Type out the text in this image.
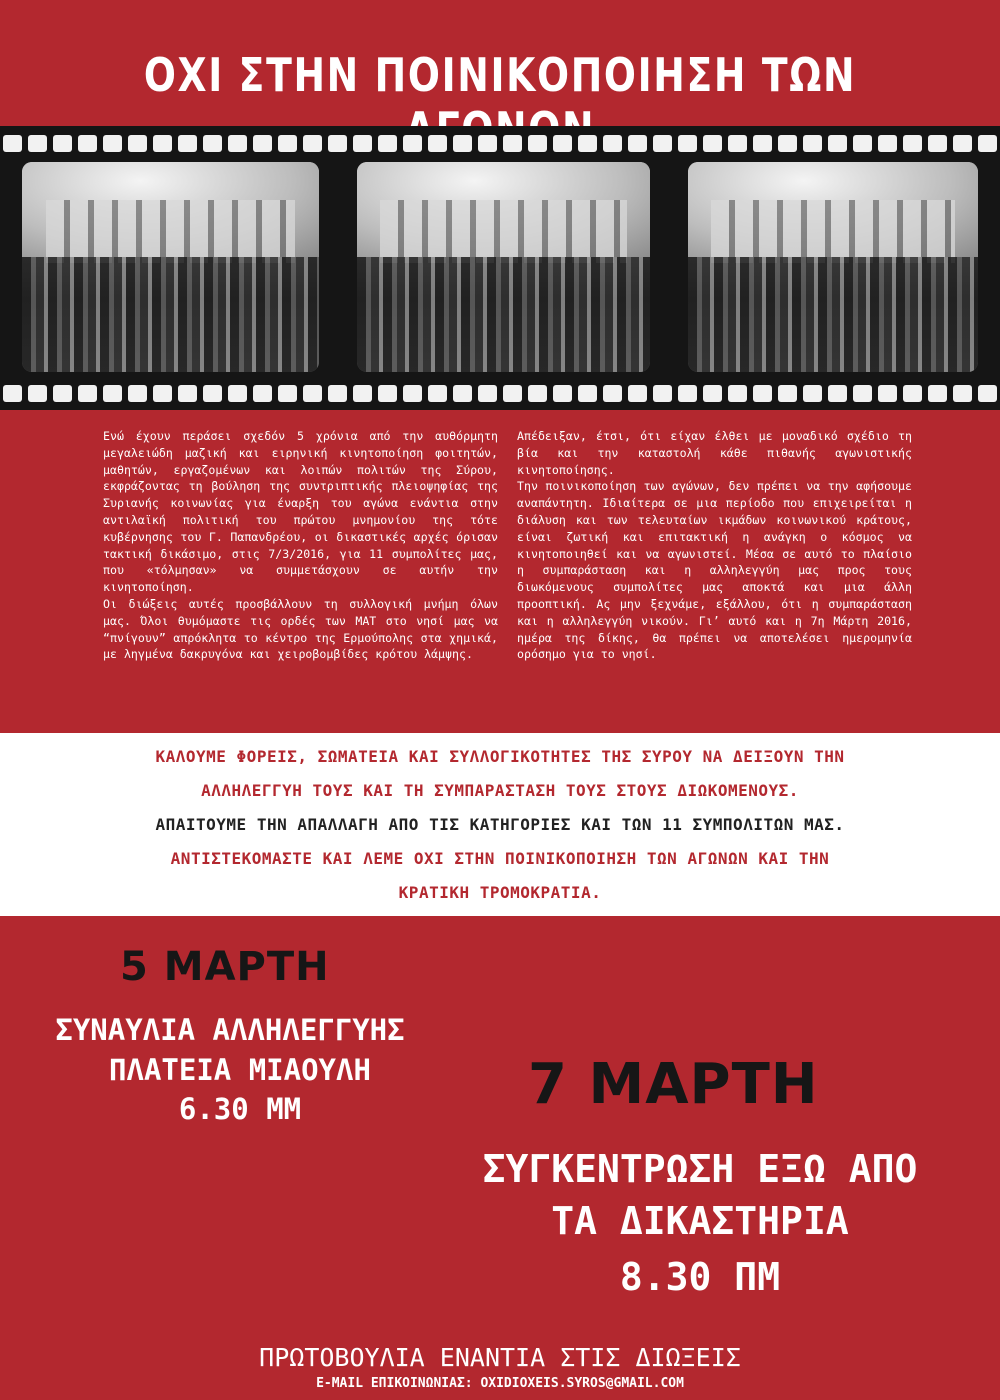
ΟΧΙ ΣΤΗΝ ΠΟΙΝΙΚΟΠΟΙΗΣΗ ΤΩΝ

Ενώ έχουν περάσει σχεδόν 5 χρόνια από την αυθόρμητη μεγαλειώδη μαζική και ειρηνική κινητοποίηση φοιτητών, μαθητών, εργαζομένων και λοιπών πολιτών της Σύρου, εκφράζοντας τη βούληση της συντριπτικής πλειοψηφίας της Συριανής κοινωνίας για έναρξη του αγώνα ενάντια στην αντιλαϊκή πολιτική του πρώτου μνημονίου της τότε κυβέρνησης του Γ. Παπανδρέου, οι δικαστικές αρχές όρισαν τακτική δικάσιμο, στις 7/3/2016, για 11 συμπολίτες μας, που «τόλμησαν» να συμμετάσχουν σε αυτήν την κινητοποίηση.

Οι διώξεις αυτές προσβάλλουν τη συλλογική μνήμη όλων μας. Όλοι θυμόμαστε τις ορδές των ΜΑΤ στο νησί μας να “πνίγουν” απρόκλητα το κέντρο της Ερμούπολης στα χημικά, με ληγμένα δακρυγόνα και χειροβομβίδες κρότου λάμψης.

Απέδειξαν, έτσι, ότι είχαν έλθει με μοναδικό σχέδιο τη βία και την καταστολή κάθε πιθανής αγωνιστικής κινητοποίησης.

Την ποινικοποίηση των αγώνων, δεν πρέπει να την αφήσουμε αναπάντητη. Ιδιαίτερα σε μια περίοδο που επιχειρείται η διάλυση και των τελευταίων ικμάδων κοινωνικού κράτους, είναι ζωτική και επιτακτική η ανάγκη ο κόσμος να κινητοποιηθεί και να αγωνιστεί. Μέσα σε αυτό το πλαίσιο η συμπαράσταση και η αλληλεγγύη μας προς τους διωκόμενους συμπολίτες μας αποκτά και μια άλλη προοπτική. Ας μην ξεχνάμε, εξάλλου, ότι η συμπαράσταση και η αλληλεγγύη νικούν. Γι’ αυτό και η 7η Μάρτη 2016, ημέρα της δίκης, θα πρέπει να αποτελέσει ημερομηνία ορόσημο για το νησί.

ΚΑΛΟΥΜΕ ΦΟΡΕΙΣ, ΣΩΜΑΤΕΙΑ ΚΑΙ ΣΥΛΛΟΓΙΚΟΤΗΤΕΣ ΤΗΣ ΣΥΡΟΥ ΝΑ ΔΕΙΞΟΥΝ ΤΗΝ
ΑΛΛΗΛΕΓΓΥΗ ΤΟΥΣ ΚΑΙ ΤΗ ΣΥΜΠΑΡΑΣΤΑΣΗ ΤΟΥΣ ΣΤΟΥΣ ΔΙΩΚΟΜΕΝΟΥΣ.
ΑΠΑΙΤΟΥΜΕ ΤΗΝ ΑΠΑΛΛΑΓΗ ΑΠΟ ΤΙΣ ΚΑΤΗΓΟΡΙΕΣ ΚΑΙ ΤΩΝ 11 ΣΥΜΠΟΛΙΤΩΝ ΜΑΣ.
ΑΝΤΙΣΤΕΚΟΜΑΣΤΕ ΚΑΙ ΛΕΜΕ ΟΧΙ ΣΤΗΝ ΠΟΙΝΙΚΟΠΟΙΗΣΗ ΤΩΝ ΑΓΩΝΩΝ ΚΑΙ ΤΗΝ
ΚΡΑΤΙΚΗ ΤΡΟΜΟΚΡΑΤΙΑ.
5 ΜΑΡΤΗ
ΣΥΝΑΥΛΙΑ ΑΛΛΗΛΕΓΓΥΗΣ
ΠΛΑΤΕΙΑ ΜΙΑΟΥΛΗ
6.30 ΜΜ	7 ΜΑΡΤΗ
ΣΥΓΚΕΝΤΡΩΣΗ ΕΞΩ ΑΠΟ
ΤΑ ΔΙΚΑΣΤΗΡΙΑ
8.30 ΠΜ
ΠΡΩΤΟΒΟΥΛΙΑ ΕΝΑΝΤΙΑ ΣΤΙΣ ΔΙΩΞΕΙΣ
E-MAIL ΕΠΙΚΟΙΝΩΝΙΑΣ: OXIDIOXEIS.SYROS@GMAIL.COM
